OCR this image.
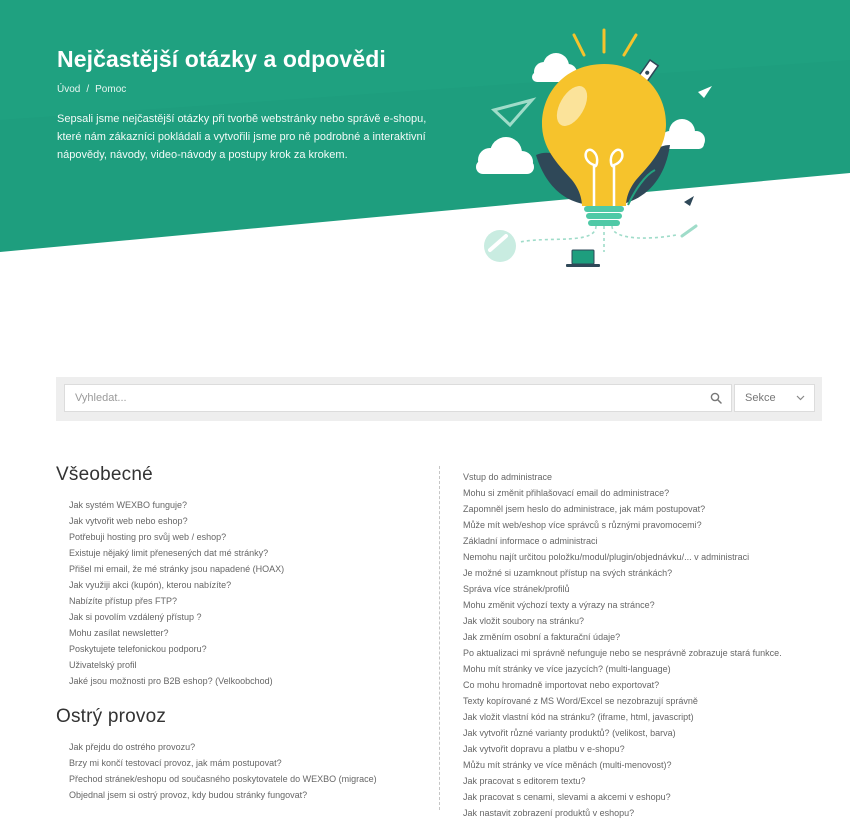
Nejčastější otázky a odpovědi
Úvod / Pomoc
Sepsali jsme nejčastější otázky při tvorbě webstránky nebo správě e-shopu, které nám zákazníci pokládali a vytvořili jsme pro ně podrobné a interaktivní nápovědy, návody, video-návody a postupy krok za krokem.
Vyhledat...
Sekce
Všeobecné
Jak systém WEXBO funguje?
Jak vytvořit web nebo eshop?
Potřebuji hosting pro svůj web / eshop?
Existuje nějaký limit přenesených dat mé stránky?
Přišel mi email, že mé stránky jsou napadené (HOAX)
Jak využiji akci (kupón), kterou nabízíte?
Nabízíte přístup přes FTP?
Jak si povolím vzdálený přístup ?
Mohu zasílat newsletter?
Poskytujete telefonickou podporu?
Uživatelský profil
Jaké jsou možnosti pro B2B eshop? (Velkoobchod)
Ostrý provoz
Jak přejdu do ostrého provozu?
Brzy mi končí testovací provoz, jak mám postupovat?
Přechod stránek/eshopu od současného poskytovatele do WEXBO (migrace)
Objednal jsem si ostrý provoz, kdy budou stránky fungovat?
Vstup do administrace
Mohu si změnit přihlašovací email do administrace?
Zapomněl jsem heslo do administrace, jak mám postupovat?
Může mít web/eshop více správců s různými pravomocemi?
Základní informace o administraci
Nemohu najít určitou položku/modul/plugin/objednávku/... v administraci
Je možné si uzamknout přístup na svých stránkách?
Správa více stránek/profilů
Mohu změnit výchozí texty a výrazy na stránce?
Jak vložit soubory na stránku?
Jak změním osobní a fakturační údaje?
Po aktualizaci mi správně nefunguje nebo se nesprávně zobrazuje stará funkce.
Mohu mít stránky ve více jazycích? (multi-language)
Co mohu hromadně importovat nebo exportovat?
Texty kopírované z MS Word/Excel se nezobrazují správně
Jak vložit vlastní kód na stránku? (iframe, html, javascript)
Jak vytvořit různé varianty produktů? (velikost, barva)
Jak vytvořit dopravu a platbu v e-shopu?
Můžu mít stránky ve více měnách (multi-menovost)?
Jak pracovat s editorem textu?
Jak pracovat s cenami, slevami a akcemi v eshopu?
Jak nastavit zobrazení produktů v eshopu?
